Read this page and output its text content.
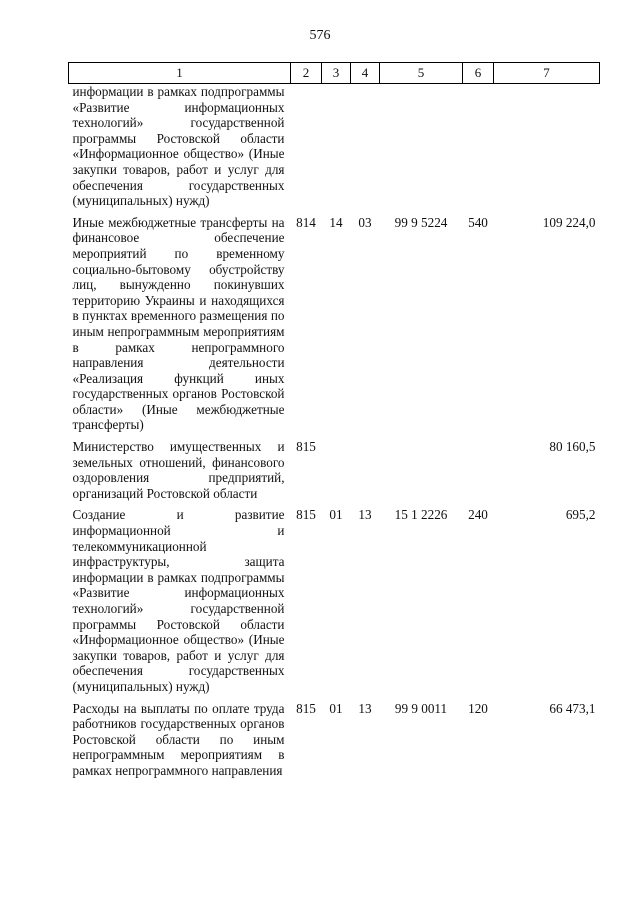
576
1	2	3	4	5	6	7
информации в рамках подпрограммы «Развитие информационных технологий» государственной программы Ростовской области «Информационное общество» (Иные закупки товаров, работ и услуг для обеспечения государственных (муниципальных) нужд)						

Иные межбюджетные трансферты на финансовое обеспечение мероприятий по временному социально-бытовому обустройству лиц, вынужденно покинувших территорию Украины и находящихся в пунктах временного размещения по иным непрограммным мероприятиям в рамках непрограммного направления деятельности «Реализация функций иных государственных органов Ростовской области» (Иные межбюджетные трансферты)	814	14	03	99 9 5224	540	109 224,0

Министерство имущественных и земельных отношений, финансового оздоровления предприятий, организаций Ростовской области	815					80 160,5

Создание и развитие информационной и телекоммуникационной инфраструктуры, защита информации в рамках подпрограммы «Развитие информационных технологий» государственной программы Ростовской области «Информационное общество» (Иные закупки товаров, работ и услуг для обеспечения государственных (муниципальных) нужд)	815	01	13	15 1 2226	240	695,2

Расходы на выплаты по оплате труда работников государственных органов Ростовской области по иным непрограммным мероприятиям в рамках непрограммного направления	815	01	13	99 9 0011	120	66 473,1
